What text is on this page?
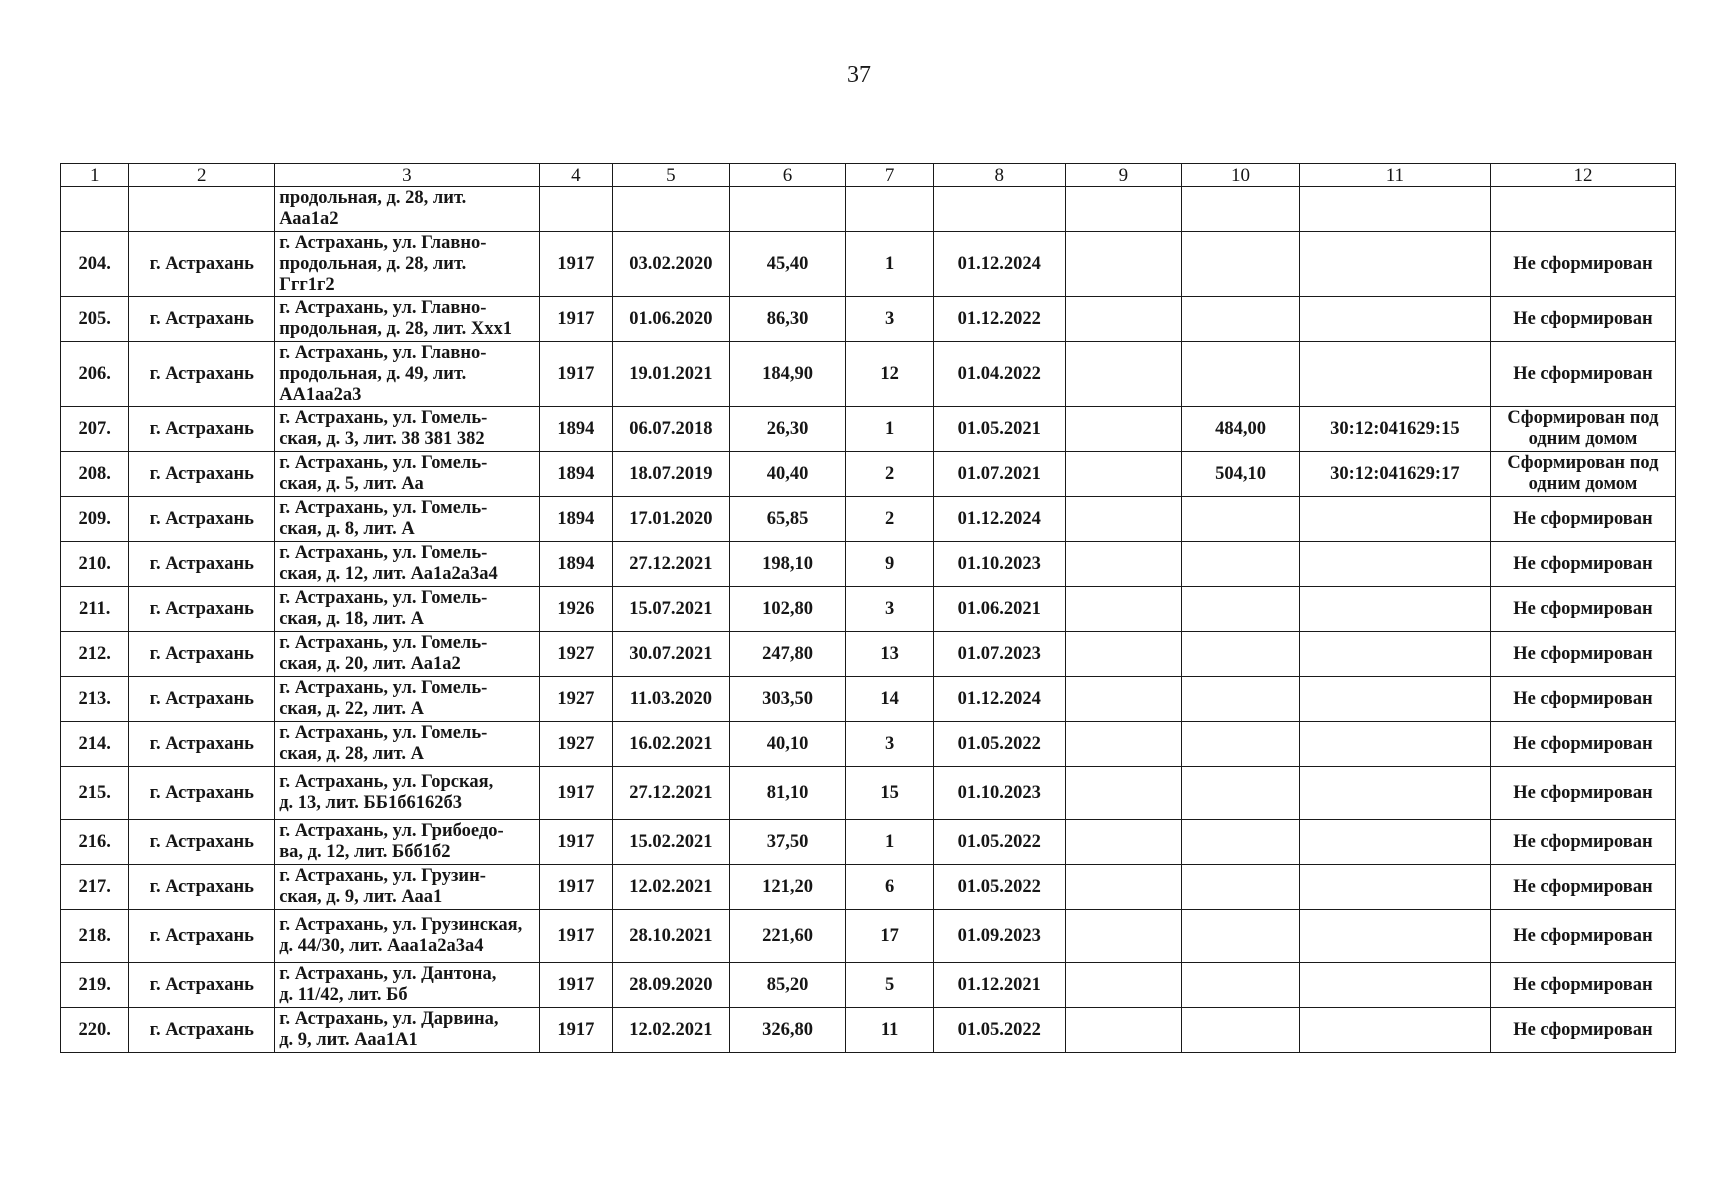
37
1	2	3	4	5	6	7	8	9	10	11	12

		продольная, д. 28, лит.
Ааа1а2									

204.	г. Астрахань	г. Астрахань, ул. Главно-
продольная, д. 28, лит.
Ггг1г2	1917	03.02.2020	45,40	1	01.12.2024				Не сформирован
205.	г. Астрахань	г. Астрахань, ул. Главно-
продольная, д. 28, лит. Ххх1	1917	01.06.2020	86,30	3	01.12.2022				Не сформирован
206.	г. Астрахань	г. Астрахань, ул. Главно-
продольная, д. 49, лит.
АА1аа2а3	1917	19.01.2021	184,90	12	01.04.2022				Не сформирован
207.	г. Астрахань	г. Астрахань, ул. Гомель-
ская, д. 3, лит. 38 381 382	1894	06.07.2018	26,30	1	01.05.2021		484,00	30:12:041629:15	Сформирован под одним домом
208.	г. Астрахань	г. Астрахань, ул. Гомель-
ская, д. 5, лит. Аа	1894	18.07.2019	40,40	2	01.07.2021		504,10	30:12:041629:17	Сформирован под одним домом
209.	г. Астрахань	г. Астрахань, ул. Гомель-
ская, д. 8, лит. А	1894	17.01.2020	65,85	2	01.12.2024				Не сформирован
210.	г. Астрахань	г. Астрахань, ул. Гомель-
ская, д. 12, лит. Аа1а2а3а4	1894	27.12.2021	198,10	9	01.10.2023				Не сформирован
211.	г. Астрахань	г. Астрахань, ул. Гомель-
ская, д. 18, лит. А	1926	15.07.2021	102,80	3	01.06.2021				Не сформирован
212.	г. Астрахань	г. Астрахань, ул. Гомель-
ская, д. 20, лит. Аа1а2	1927	30.07.2021	247,80	13	01.07.2023				Не сформирован
213.	г. Астрахань	г. Астрахань, ул. Гомель-
ская, д. 22, лит. А	1927	11.03.2020	303,50	14	01.12.2024				Не сформирован
214.	г. Астрахань	г. Астрахань, ул. Гомель-
ская, д. 28, лит. А	1927	16.02.2021	40,10	3	01.05.2022				Не сформирован
215.	г. Астрахань	г. Астрахань, ул. Горская,
д. 13, лит. ББ1б6162б3	1917	27.12.2021	81,10	15	01.10.2023				Не сформирован
216.	г. Астрахань	г. Астрахань, ул. Грибоедо-
ва, д. 12, лит. Ббб1б2	1917	15.02.2021	37,50	1	01.05.2022				Не сформирован
217.	г. Астрахань	г. Астрахань, ул. Грузин-
ская, д. 9, лит. Ааа1	1917	12.02.2021	121,20	6	01.05.2022				Не сформирован
218.	г. Астрахань	г. Астрахань, ул. Грузинская,
д. 44/30, лит. Ааа1а2а3а4	1917	28.10.2021	221,60	17	01.09.2023				Не сформирован
219.	г. Астрахань	г. Астрахань, ул. Дантона,
д. 11/42, лит. Бб	1917	28.09.2020	85,20	5	01.12.2021				Не сформирован
220.	г. Астрахань	г. Астрахань, ул. Дарвина,
д. 9, лит. Ааа1А1	1917	12.02.2021	326,80	11	01.05.2022				Не сформирован
